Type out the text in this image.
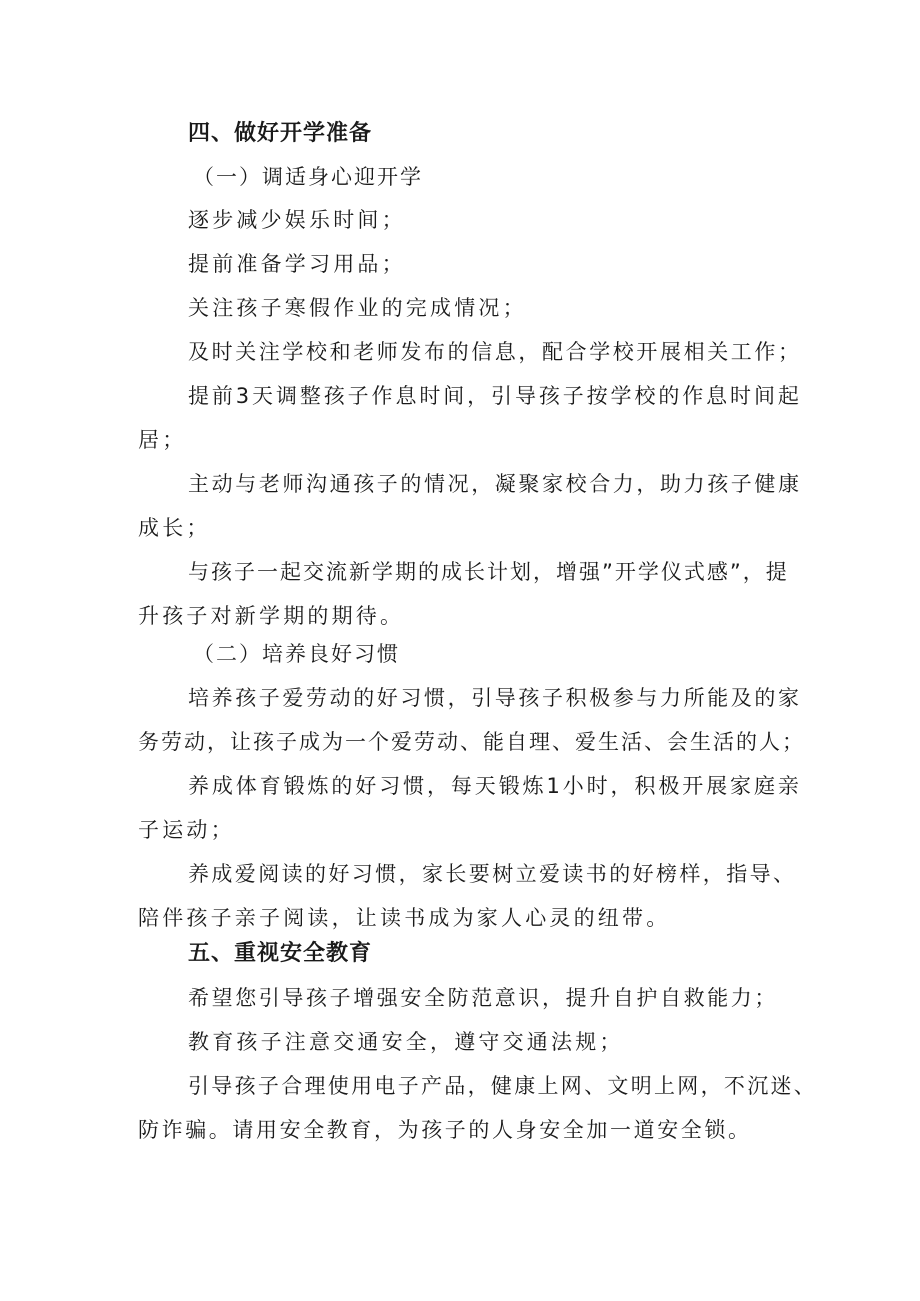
四、做好开学准备
（一）调适身心迎开学
逐步减少娱乐时间；
提前准备学习用品；
关注孩子寒假作业的完成情况；
及时关注学校和老师发布的信息，配合学校开展相关工作；
提前3天调整孩子作息时间，引导孩子按学校的作息时间起
居；
主动与老师沟通孩子的情况，凝聚家校合力，助力孩子健康
成长；
与孩子一起交流新学期的成长计划，增强”开学仪式感”，提
升孩子对新学期的期待。
（二）培养良好习惯
培养孩子爱劳动的好习惯，引导孩子积极参与力所能及的家
务劳动，让孩子成为一个爱劳动、能自理、爱生活、会生活的人；
养成体育锻炼的好习惯，每天锻炼1小时，积极开展家庭亲
子运动；
养成爱阅读的好习惯，家长要树立爱读书的好榜样，指导、
陪伴孩子亲子阅读，让读书成为家人心灵的纽带。
五、重视安全教育
希望您引导孩子增强安全防范意识，提升自护自救能力；
教育孩子注意交通安全，遵守交通法规；
引导孩子合理使用电子产品，健康上网、文明上网，不沉迷、
防诈骗。请用安全教育，为孩子的人身安全加一道安全锁。
